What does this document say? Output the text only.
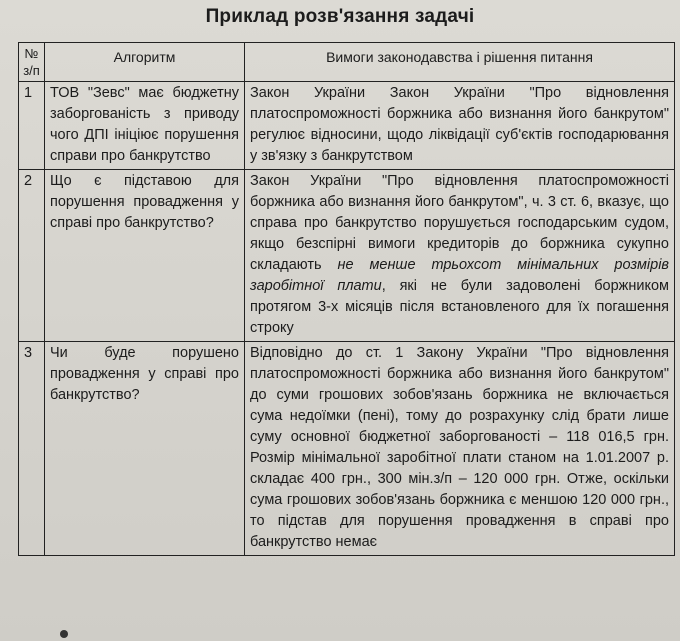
Приклад розв'язання задачі
№
з/п	Алгоритм	Вимоги законодавства і рішення питання
1	ТОВ "Зевс" має бюджетну заборгованість з приводу чого ДПІ ініціює порушення справи про банкрутство	Закон України Закон України "Про відновлення платоспроможності боржника або визнання його банкрутом" регулює відносини, щодо ліквідації суб'єктів господарювання у зв'язку з банкрутством
2	Що є підставою для порушення провадження у справі про банкрутство?	Закон України "Про відновлення платоспроможності боржника або визнання його банкрутом", ч. 3 ст. 6, вказує, що справа про банкрутство порушується господарським судом, якщо безспірні вимоги кредиторів до боржника сукупно складають не менше трьохсот мінімальних розмірів заробітної плати, які не були задоволені боржником протягом 3-х місяців після встановленого для їх погашення строку
3	Чи буде порушено провадження у справі про банкрутство?	Відповідно до ст. 1 Закону України "Про відновлення платоспроможності боржника або визнання його банкрутом" до суми грошових зобов'язань боржника не включається сума недоїмки (пені), тому до розрахунку слід брати лише суму основної бюджетної заборгованості – 118 016,5 грн. Розмір мінімальної заробітної плати станом на 1.01.2007 р. складає 400 грн., 300 мін.з/п – 120 000 грн. Отже, оскільки сума грошових зобов'язань боржника є меншою 120 000 грн., то підстав для порушення провадження в справі про банкрутство немає
